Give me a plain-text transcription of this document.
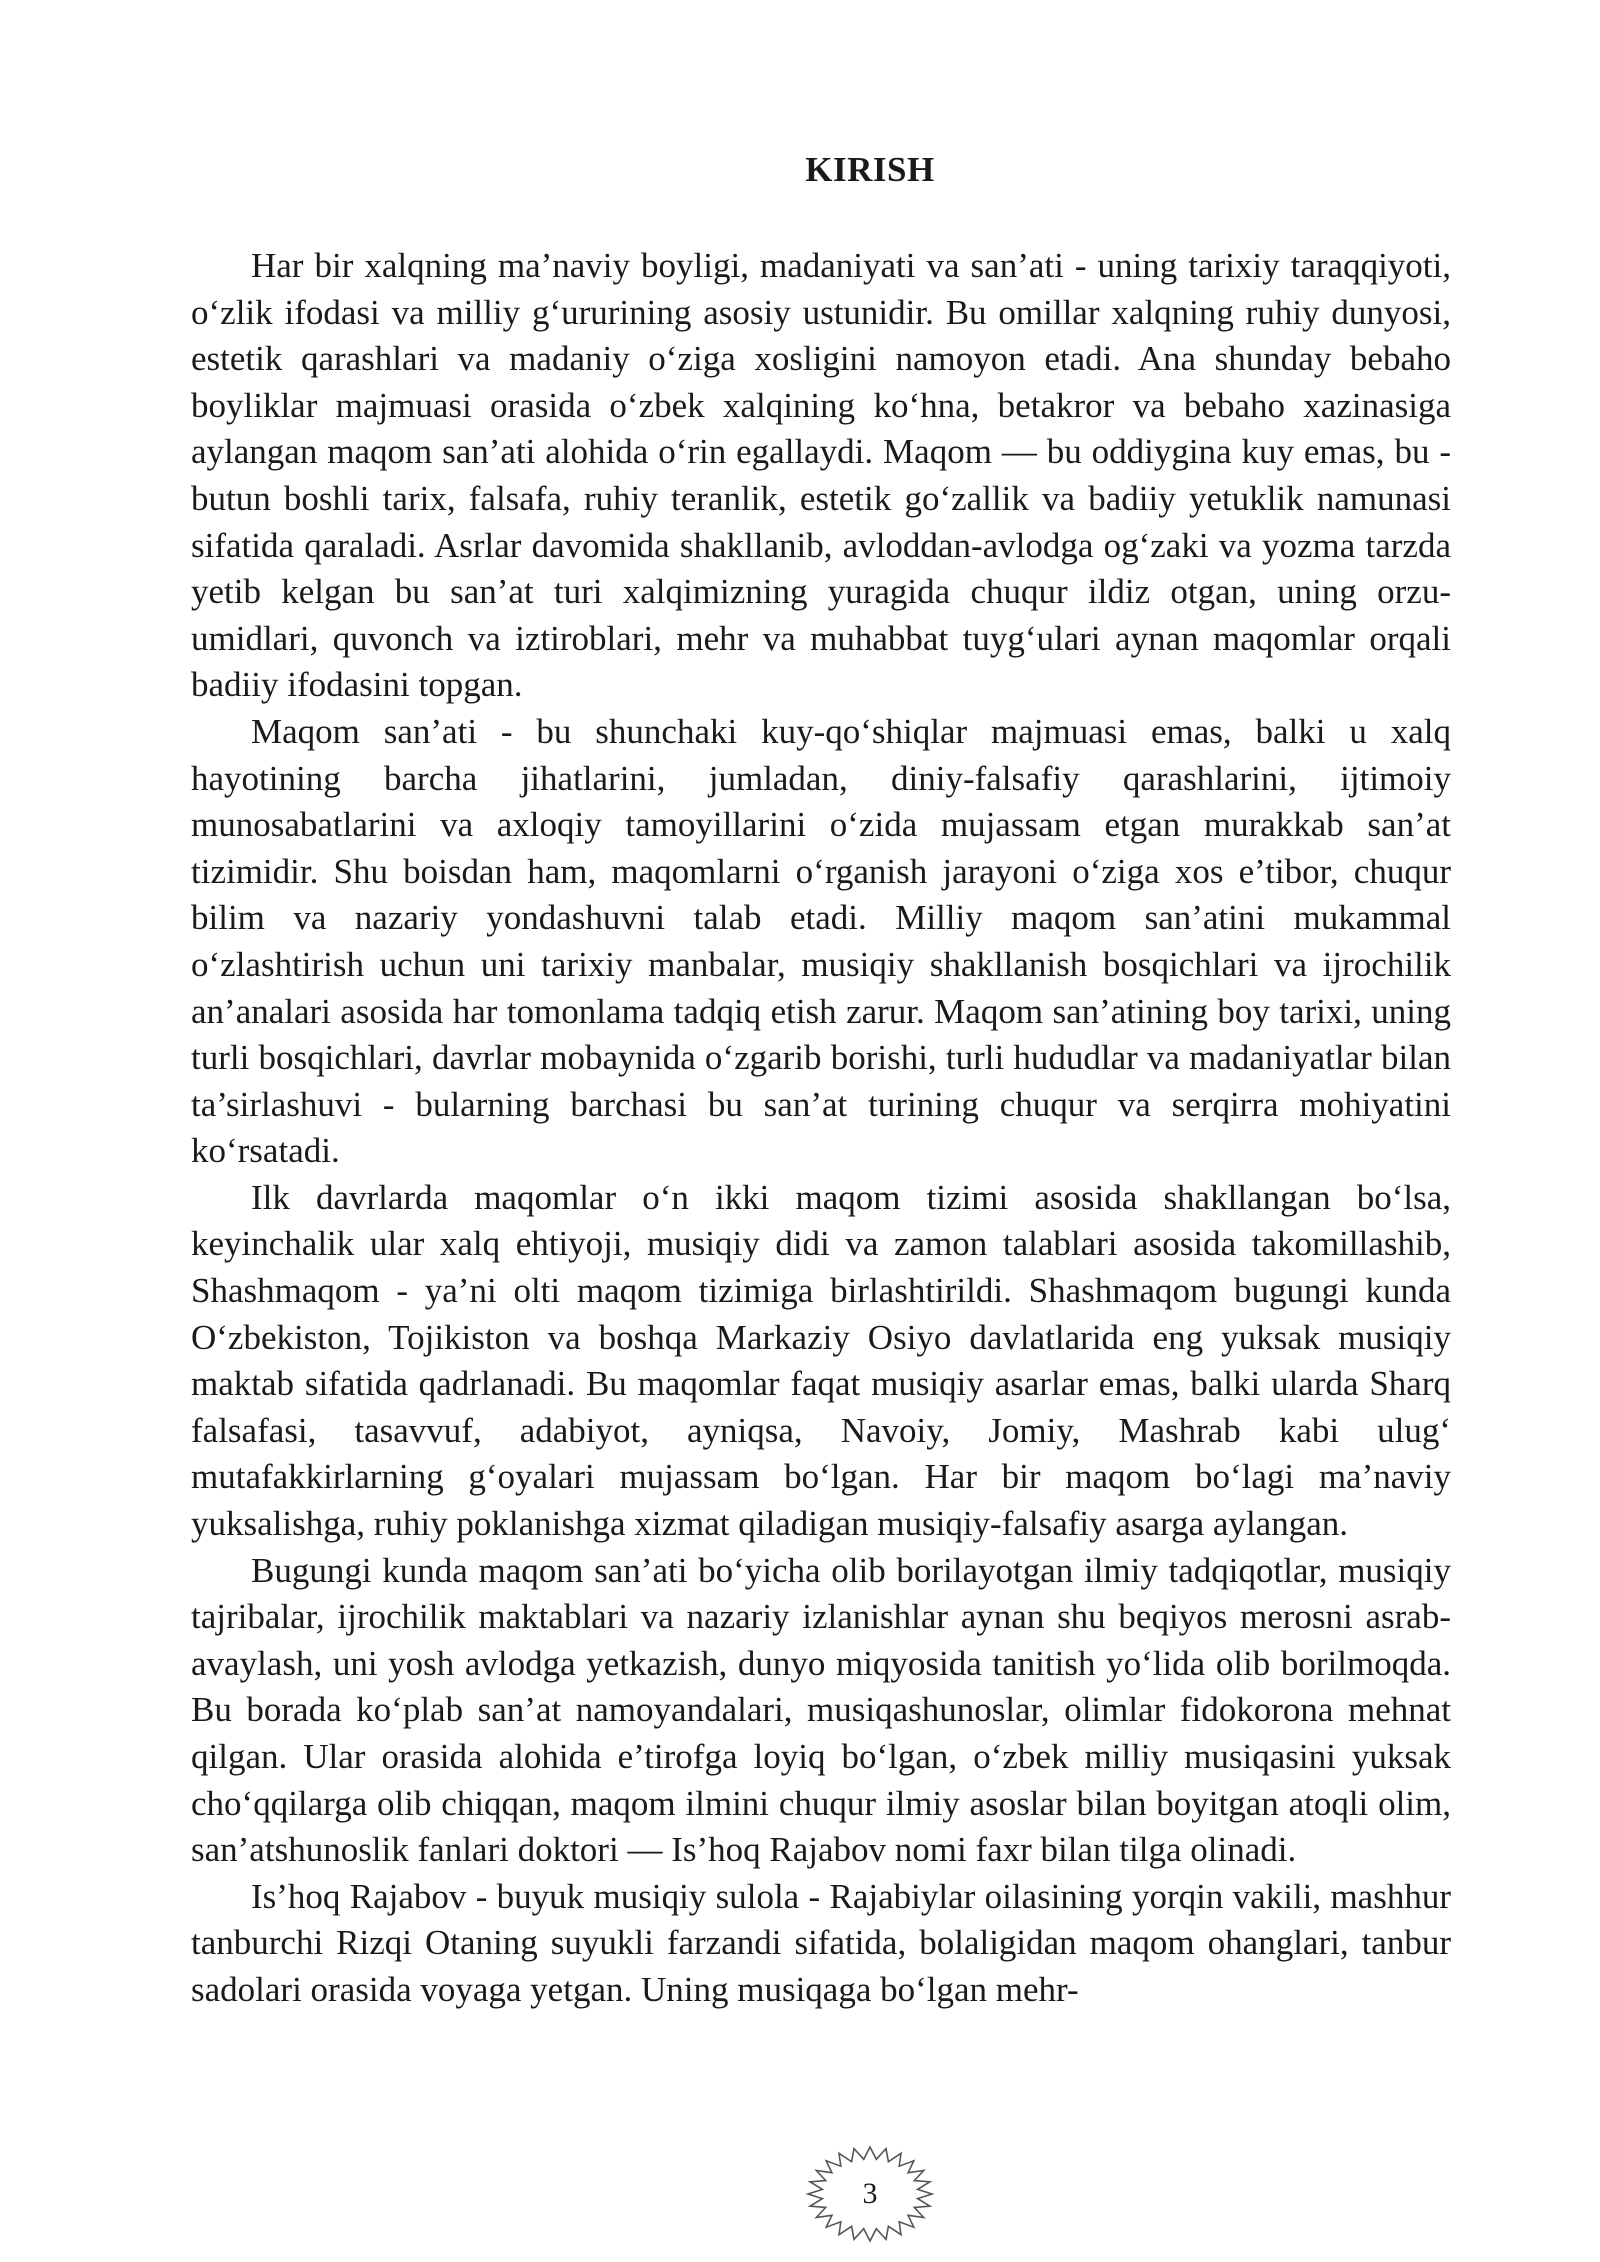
KIRISH

Har bir xalqning ma’naviy boyligi, madaniyati va san’ati - uning tarixiy taraqqiyoti, o‘zlik ifodasi va milliy g‘ururining asosiy ustunidir. Bu omillar xalqning ruhiy dunyosi, estetik qarashlari va madaniy o‘ziga xosligini namoyon etadi. Ana shunday bebaho boyliklar majmuasi orasida o‘zbek xalqining ko‘hna, betakror va bebaho xazinasiga aylangan maqom san’ati alohida o‘rin egallaydi. Maqom — bu oddiygina kuy emas, bu - butun boshli tarix, falsafa, ruhiy teranlik, estetik go‘zallik va badiiy yetuklik namunasi sifatida qaraladi. Asrlar davomida shakllanib, avloddan-avlodga og‘zaki va yozma tarzda yetib kelgan bu san’at turi xalqimizning yuragida chuqur ildiz otgan, uning orzu-umidlari, quvonch va iztiroblari, mehr va muhabbat tuyg‘ulari aynan maqomlar orqali badiiy ifodasini topgan.

Maqom san’ati - bu shunchaki kuy-qo‘shiqlar majmuasi emas, balki u xalq hayotining barcha jihatlarini, jumladan, diniy-falsafiy qarashlarini, ijtimoiy munosabatlarini va axloqiy tamoyillarini o‘zida mujassam etgan murakkab san’at tizimidir. Shu boisdan ham, maqomlarni o‘rganish jarayoni o‘ziga xos e’tibor, chuqur bilim va nazariy yondashuvni talab etadi. Milliy maqom san’atini mukammal o‘zlashtirish uchun uni tarixiy manbalar, musiqiy shakllanish bosqichlari va ijrochilik an’analari asosida har tomonlama tadqiq etish zarur. Maqom san’atining boy tarixi, uning turli bosqichlari, davrlar mobaynida o‘zgarib borishi, turli hududlar va madaniyatlar bilan ta’sirlashuvi - bularning barchasi bu san’at turining chuqur va serqirra mohiyatini ko‘rsatadi.

Ilk davrlarda maqomlar o‘n ikki maqom tizimi asosida shakllangan bo‘lsa, keyinchalik ular xalq ehtiyoji, musiqiy didi va zamon talablari asosida takomillashib, Shashmaqom - ya’ni olti maqom tizimiga birlashtirildi. Shashmaqom bugungi kunda O‘zbekiston, Tojikiston va boshqa Markaziy Osiyo davlatlarida eng yuksak musiqiy maktab sifatida qadrlanadi. Bu maqomlar faqat musiqiy asarlar emas, balki ularda Sharq falsafasi, tasavvuf, adabiyot, ayniqsa, Navoiy, Jomiy, Mashrab kabi ulug‘ mutafakkirlarning g‘oyalari mujassam bo‘lgan. Har bir maqom bo‘lagi ma’naviy yuksalishga, ruhiy poklanishga xizmat qiladigan musiqiy-falsafiy asarga aylangan.

Bugungi kunda maqom san’ati bo‘yicha olib borilayotgan ilmiy tadqiqotlar, musiqiy tajribalar, ijrochilik maktablari va nazariy izlanishlar aynan shu beqiyos merosni asrab-avaylash, uni yosh avlodga yetkazish, dunyo miqyosida tanitish yo‘lida olib borilmoqda. Bu borada ko‘plab san’at namoyandalari, musiqashunoslar, olimlar fidokorona mehnat qilgan. Ular orasida alohida e’tirofga loyiq bo‘lgan, o‘zbek milliy musiqasini yuksak cho‘qqilarga olib chiqqan, maqom ilmini chuqur ilmiy asoslar bilan boyitgan atoqli olim, san’atshunoslik fanlari doktori — Is’hoq Rajabov nomi faxr bilan tilga olinadi.

Is’hoq Rajabov - buyuk musiqiy sulola - Rajabiylar oilasining yorqin vakili, mashhur tanburchi Rizqi Otaning suyukli farzandi sifatida, bolaligidan maqom ohanglari, tanbur sadolari orasida voyaga yetgan. Uning musiqaga bo‘lgan mehr-

3
